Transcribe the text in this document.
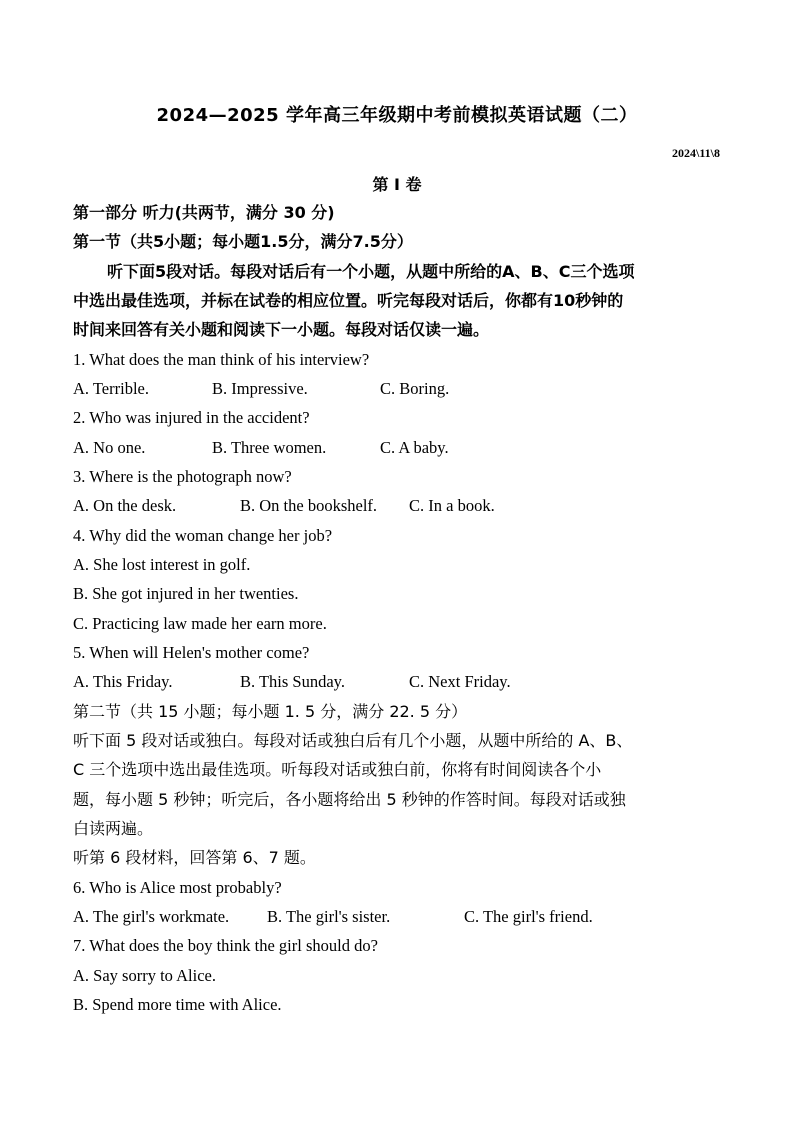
2024—2025 学年高三年级期中考前模拟英语试题（二）
2024\11\8
第 I 卷
第一部分 听力(共两节，满分 30 分)
第一节（共5小题；每小题1.5分，满分7.5分）
听下面5段对话。每段对话后有一个小题，从题中所给的A、B、C三个选项
中选出最佳选项，并标在试卷的相应位置。听完每段对话后，你都有10秒钟的
时间来回答有关小题和阅读下一小题。每段对话仅读一遍。
1. What does the man think of his interview?
A. Terrible.	B. Impressive.	C. Boring.
2. Who was injured in the accident?
A. No one.	B. Three women.	C. A baby.
3. Where is the photograph now?
A. On the desk.	B. On the bookshelf. C. In a book.
4. Why did the woman change her job?
A. She lost interest in golf.
B. She got injured in her twenties.
C. Practicing law made her earn more.
5. When will Helen's mother come?
A. This Friday.	B. This Sunday.	C. Next Friday.
第二节（共 15 小题；每小题 1. 5 分，满分 22. 5 分）
听下面 5 段对话或独白。每段对话或独白后有几个小题，从题中所给的 A、B、
C 三个选项中选出最佳选项。听每段对话或独白前，你将有时间阅读各个小
题，每小题 5 秒钟；听完后，各小题将给出 5 秒钟的作答时间。每段对话或独
白读两遍。
听第 6 段材料，回答第 6、7 题。
6. Who is Alice most probably?
A. The girl's workmate. B. The girl's sister.	C. The girl's friend.
7. What does the boy think the girl should do?
A. Say sorry to Alice.
B. Spend more time with Alice.
